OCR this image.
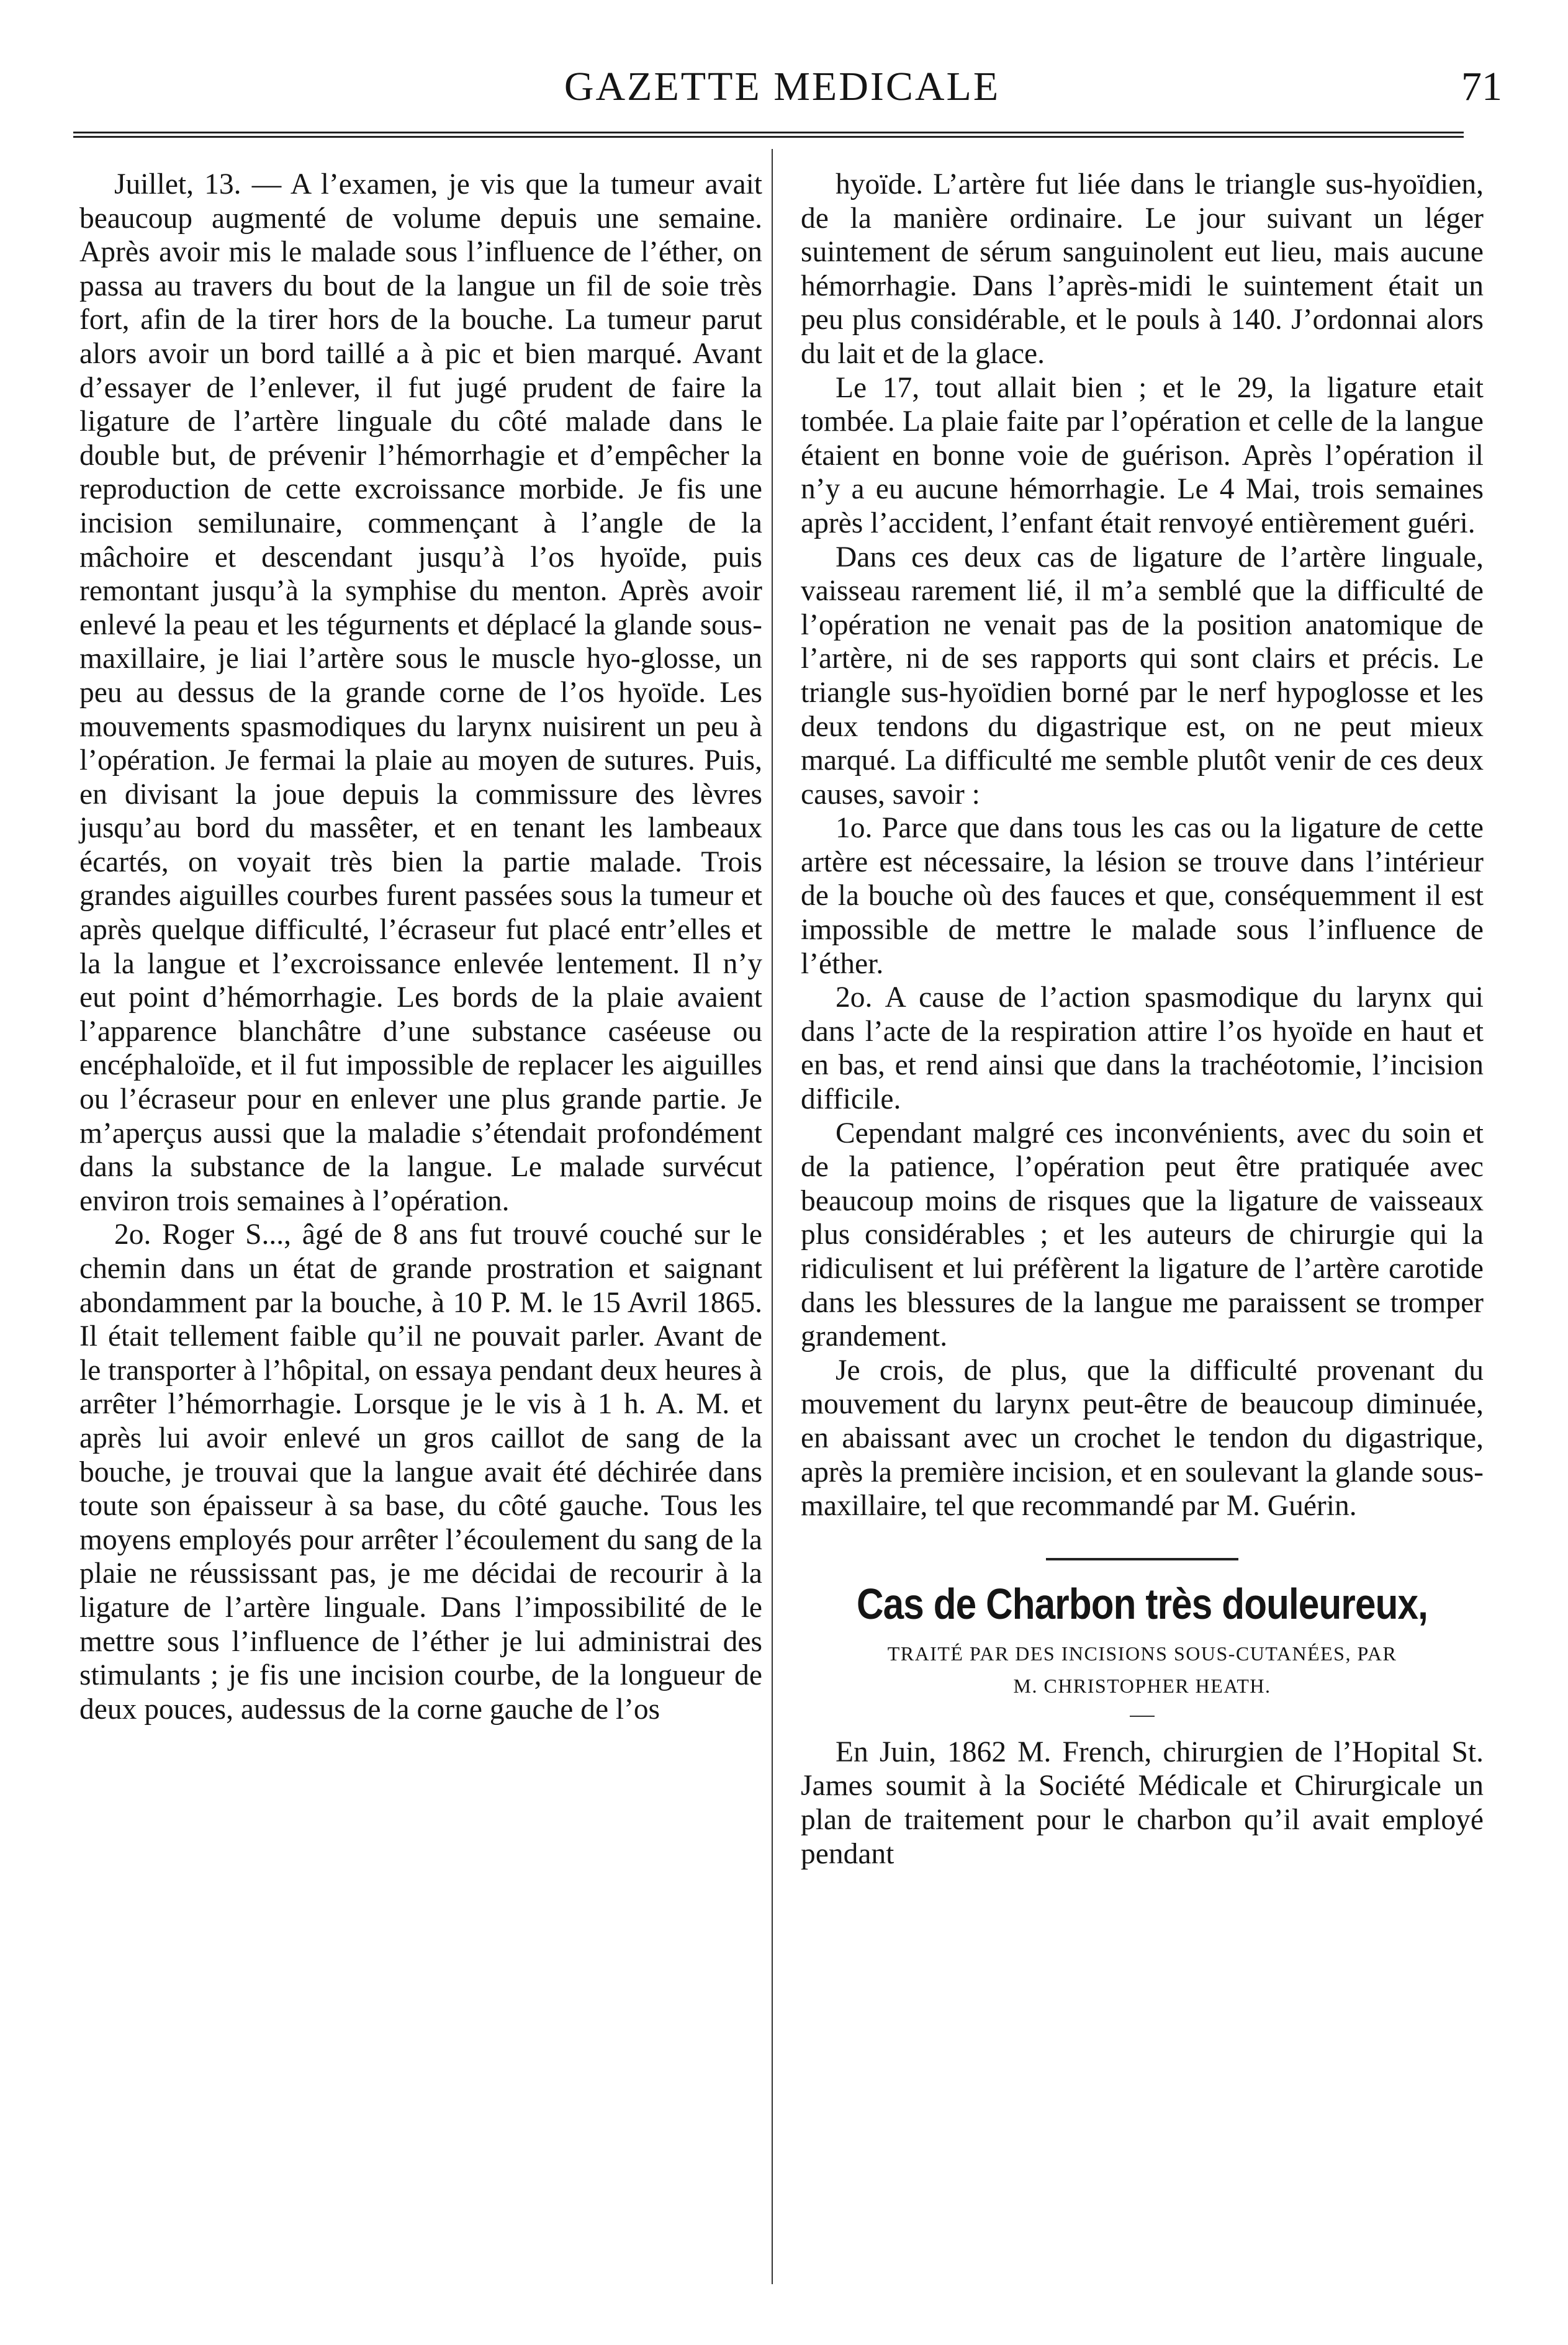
GAZETTE MEDICALE	71

Juillet, 13. — A l’examen, je vis que la tumeur avait beaucoup augmenté de volume depuis une semaine. Après avoir mis le malade sous l’influence de l’éther, on passa au travers du bout de la langue un fil de soie très fort, afin de la tirer hors de la bouche. La tumeur parut alors avoir un bord taillé a à pic et bien marqué. Avant d’essayer de l’enlever, il fut jugé prudent de faire la ligature de l’artère linguale du côté malade dans le double but, de prévenir l’hémorrhagie et d’empêcher la reproduction de cette excroissance morbide. Je fis une incision semilunaire, commençant à l’angle de la mâchoire et descendant jusqu’à l’os hyoïde, puis remontant jusqu’à la symphise du menton. Après avoir enlevé la peau et les tégurnents et déplacé la glande sous-maxillaire, je liai l’artère sous le muscle hyo-glosse, un peu au dessus de la grande corne de l’os hyoïde. Les mouvements spasmodiques du larynx nuisirent un peu à l’opération. Je fermai la plaie au moyen de sutures. Puis, en divisant la joue depuis la commissure des lèvres jusqu’au bord du massêter, et en tenant les lambeaux écartés, on voyait très bien la partie malade. Trois grandes aiguilles courbes furent passées sous la tumeur et après quelque difficulté, l’écraseur fut placé entr’elles et la la langue et l’excroissance enlevée lentement. Il n’y eut point d’hémorrhagie. Les bords de la plaie avaient l’apparence blanchâtre d’une substance caséeuse ou encéphaloïde, et il fut impossible de replacer les aiguilles ou l’écraseur pour en enlever une plus grande partie. Je m’aperçus aussi que la maladie s’étendait profondément dans la substance de la langue. Le malade survécut environ trois semaines à l’opération.

2o. Roger S..., âgé de 8 ans fut trouvé couché sur le chemin dans un état de grande prostration et saignant abondamment par la bouche, à 10 P. M. le 15 Avril 1865. Il était tellement faible qu’il ne pouvait parler. Avant de le transporter à l’hôpital, on essaya pendant deux heures à arrêter l’hémorrhagie. Lorsque je le vis à 1 h. A. M. et après lui avoir enlevé un gros caillot de sang de la bouche, je trouvai que la langue avait été déchirée dans toute son épaisseur à sa base, du côté gauche. Tous les moyens employés pour arrêter l’écoulement du sang de la plaie ne réussissant pas, je me décidai de recourir à la ligature de l’artère linguale. Dans l’impossibilité de le mettre sous l’influence de l’éther je lui administrai des stimulants ; je fis une incision courbe, de la longueur de deux pouces, audessus de la corne gauche de l’os

hyoïde. L’artère fut liée dans le triangle sus-hyoïdien, de la manière ordinaire. Le jour suivant un léger suintement de sérum sanguinolent eut lieu, mais aucune hémorrhagie. Dans l’après-midi le suintement était un peu plus considérable, et le pouls à 140. J’ordonnai alors du lait et de la glace.

Le 17, tout allait bien ; et le 29, la ligature etait tombée. La plaie faite par l’opération et celle de la langue étaient en bonne voie de guérison. Après l’opération il n’y a eu aucune hémorrhagie. Le 4 Mai, trois semaines après l’accident, l’enfant était renvoyé entièrement guéri.

Dans ces deux cas de ligature de l’artère linguale, vaisseau rarement lié, il m’a semblé que la difficulté de l’opération ne venait pas de la position anatomique de l’artère, ni de ses rapports qui sont clairs et précis. Le triangle sus-hyoïdien borné par le nerf hypoglosse et les deux tendons du digastrique est, on ne peut mieux marqué. La difficulté me semble plutôt venir de ces deux causes, savoir :

1o. Parce que dans tous les cas ou la ligature de cette artère est nécessaire, la lésion se trouve dans l’intérieur de la bouche où des fauces et que, conséquemment il est impossible de mettre le malade sous l’influence de l’éther.

2o. A cause de l’action spasmodique du larynx qui dans l’acte de la respiration attire l’os hyoïde en haut et en bas, et rend ainsi que dans la trachéotomie, l’incision difficile.

Cependant malgré ces inconvénients, avec du soin et de la patience, l’opération peut être pratiquée avec beaucoup moins de risques que la ligature de vaisseaux plus considérables ; et les auteurs de chirurgie qui la ridiculisent et lui préfèrent la ligature de l’artère carotide dans les blessures de la langue me paraissent se tromper grandement.

Je crois, de plus, que la difficulté provenant du mouvement du larynx peut-être de beaucoup diminuée, en abaissant avec un crochet le tendon du digastrique, après la première incision, et en soulevant la glande sous-maxillaire, tel que recommandé par M. Guérin.

Cas de Charbon très douleureux,
TRAITÉ PAR DES INCISIONS SOUS-CUTANÉES, PAR
M. CHRISTOPHER HEATH.

En Juin, 1862 M. French, chirurgien de l’Hopital St. James soumit à la Société Médicale et Chirurgicale un plan de traitement pour le charbon qu’il avait employé pendant
